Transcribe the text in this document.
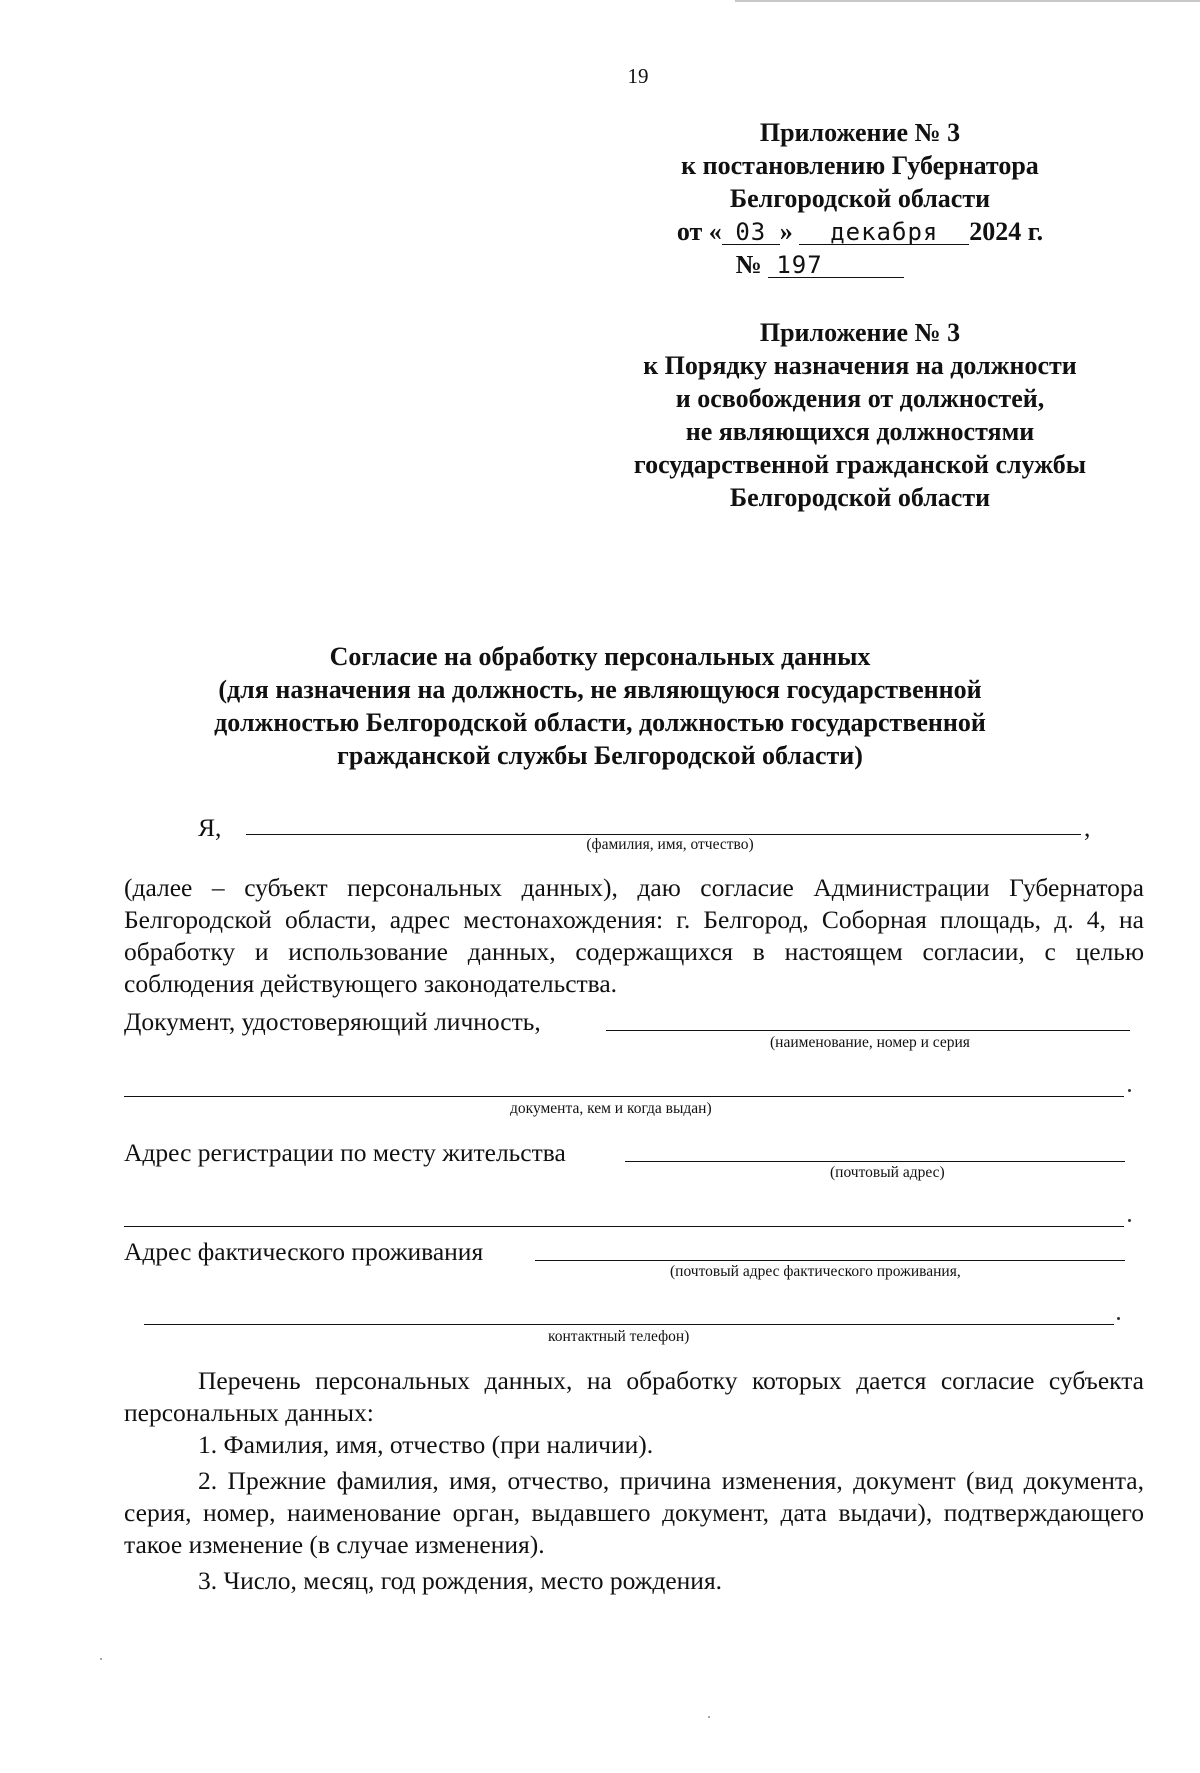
19
Приложение № 3
к постановлению Губернатора
Белгородской области
от « 03 » декабря 2024 г.
№ 197
Приложение № 3
к Порядку назначения на должности
и освобождения от должностей,
не являющихся должностями
государственной гражданской службы
Белгородской области
Согласие на обработку персональных данных
(для назначения на должность, не являющуюся государственной
должностью Белгородской области, должностью государственной
гражданской службы Белгородской области)
Я,	,
(фамилия, имя, отчество)
(далее – субъект персональных данных), даю согласие Администрации Губернатора Белгородской области, адрес местонахождения: г. Белгород, Соборная площадь, д. 4, на обработку и использование данных, содержащихся в настоящем согласии, с целью соблюдения действующего законодательства.
Документ, удостоверяющий личность,
(наименование, номер и серия
документа, кем и когда выдан)
Адрес регистрации по месту жительства
(почтовый адрес)
Адрес фактического проживания
(почтовый адрес фактического проживания,
контактный телефон)
Перечень персональных данных, на обработку которых дается согласие субъекта персональных данных:
1. Фамилия, имя, отчество (при наличии).
2. Прежние фамилия, имя, отчество, причина изменения, документ (вид документа, серия, номер, наименование орган, выдавшего документ, дата выдачи), подтверждающего такое изменение (в случае изменения).
3. Число, месяц, год рождения, место рождения.
